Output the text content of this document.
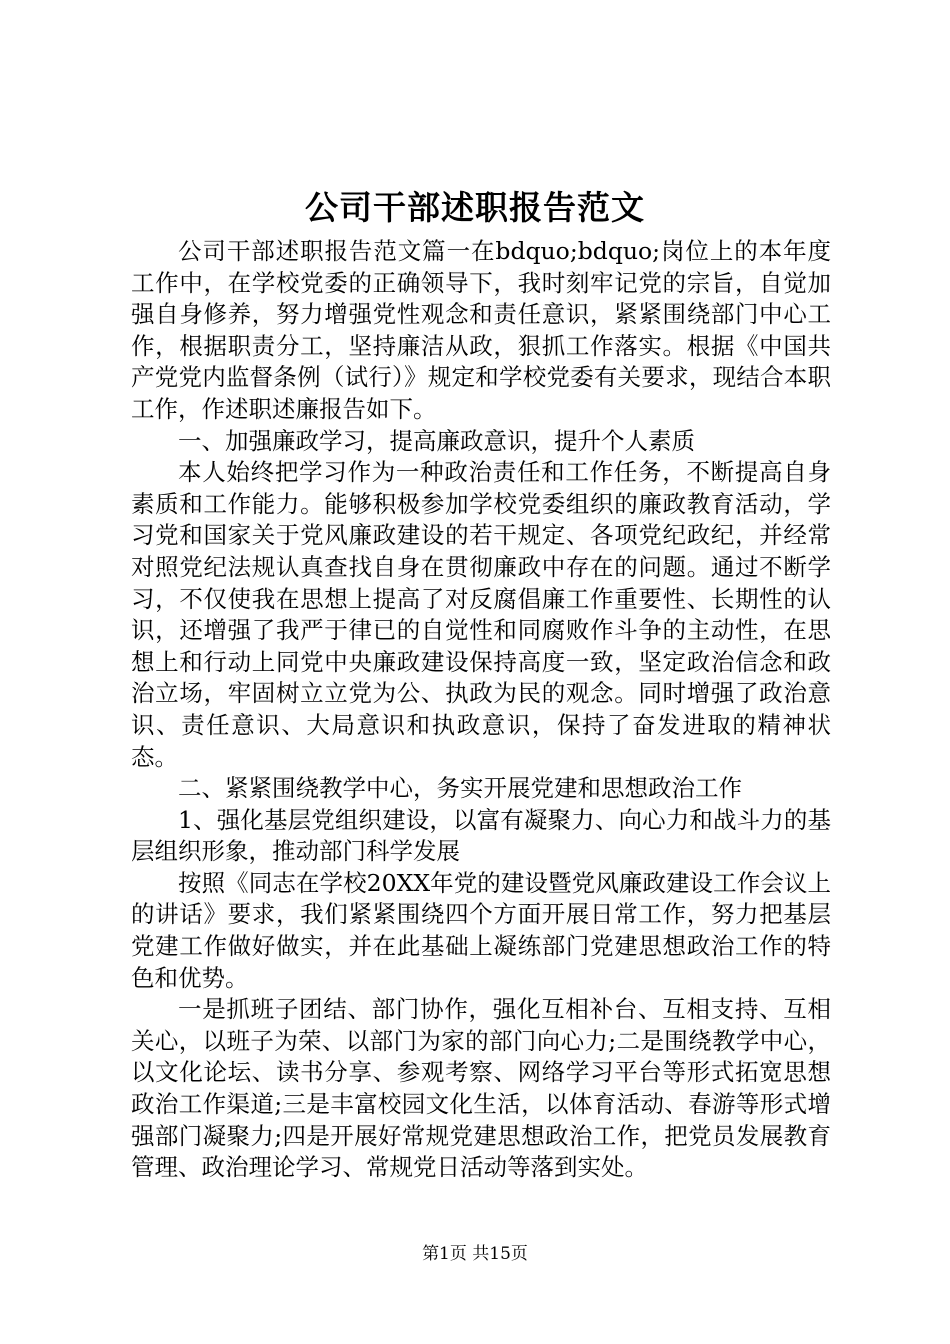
公司干部述职报告范文

公司干部述职报告范文篇一在bdquo;bdquo;岗位上的本年度工作中，在学校党委的正确领导下，我时刻牢记党的宗旨，自觉加强自身修养，努力增强党性观念和责任意识，紧紧围绕部门中心工作，根据职责分工，坚持廉洁从政，狠抓工作落实。根据《中国共产党党内监督条例（试行）》规定和学校党委有关要求，现结合本职工作，作述职述廉报告如下。

一、加强廉政学习，提高廉政意识，提升个人素质

本人始终把学习作为一种政治责任和工作任务，不断提高自身素质和工作能力。能够积极参加学校党委组织的廉政教育活动，学习党和国家关于党风廉政建设的若干规定、各项党纪政纪，并经常对照党纪法规认真查找自身在贯彻廉政中存在的问题。通过不断学习，不仅使我在思想上提高了对反腐倡廉工作重要性、长期性的认识，还增强了我严于律已的自觉性和同腐败作斗争的主动性，在思想上和行动上同党中央廉政建设保持高度一致，坚定政治信念和政治立场，牢固树立立党为公、执政为民的观念。同时增强了政治意识、责任意识、大局意识和执政意识，保持了奋发进取的精神状态。

二、紧紧围绕教学中心，务实开展党建和思想政治工作

1、强化基层党组织建设，以富有凝聚力、向心力和战斗力的基层组织形象，推动部门科学发展

按照《同志在学校20XX年党的建设暨党风廉政建设工作会议上的讲话》要求，我们紧紧围绕四个方面开展日常工作，努力把基层党建工作做好做实，并在此基础上凝练部门党建思想政治工作的特色和优势。

一是抓班子团结、部门协作，强化互相补台、互相支持、互相关心，以班子为荣、以部门为家的部门向心力;二是围绕教学中心，以文化论坛、读书分享、参观考察、网络学习平台等形式拓宽思想政治工作渠道;三是丰富校园文化生活，以体育活动、春游等形式增强部门凝聚力;四是开展好常规党建思想政治工作，把党员发展教育管理、政治理论学习、常规党日活动等落到实处。

第1页 共15页
